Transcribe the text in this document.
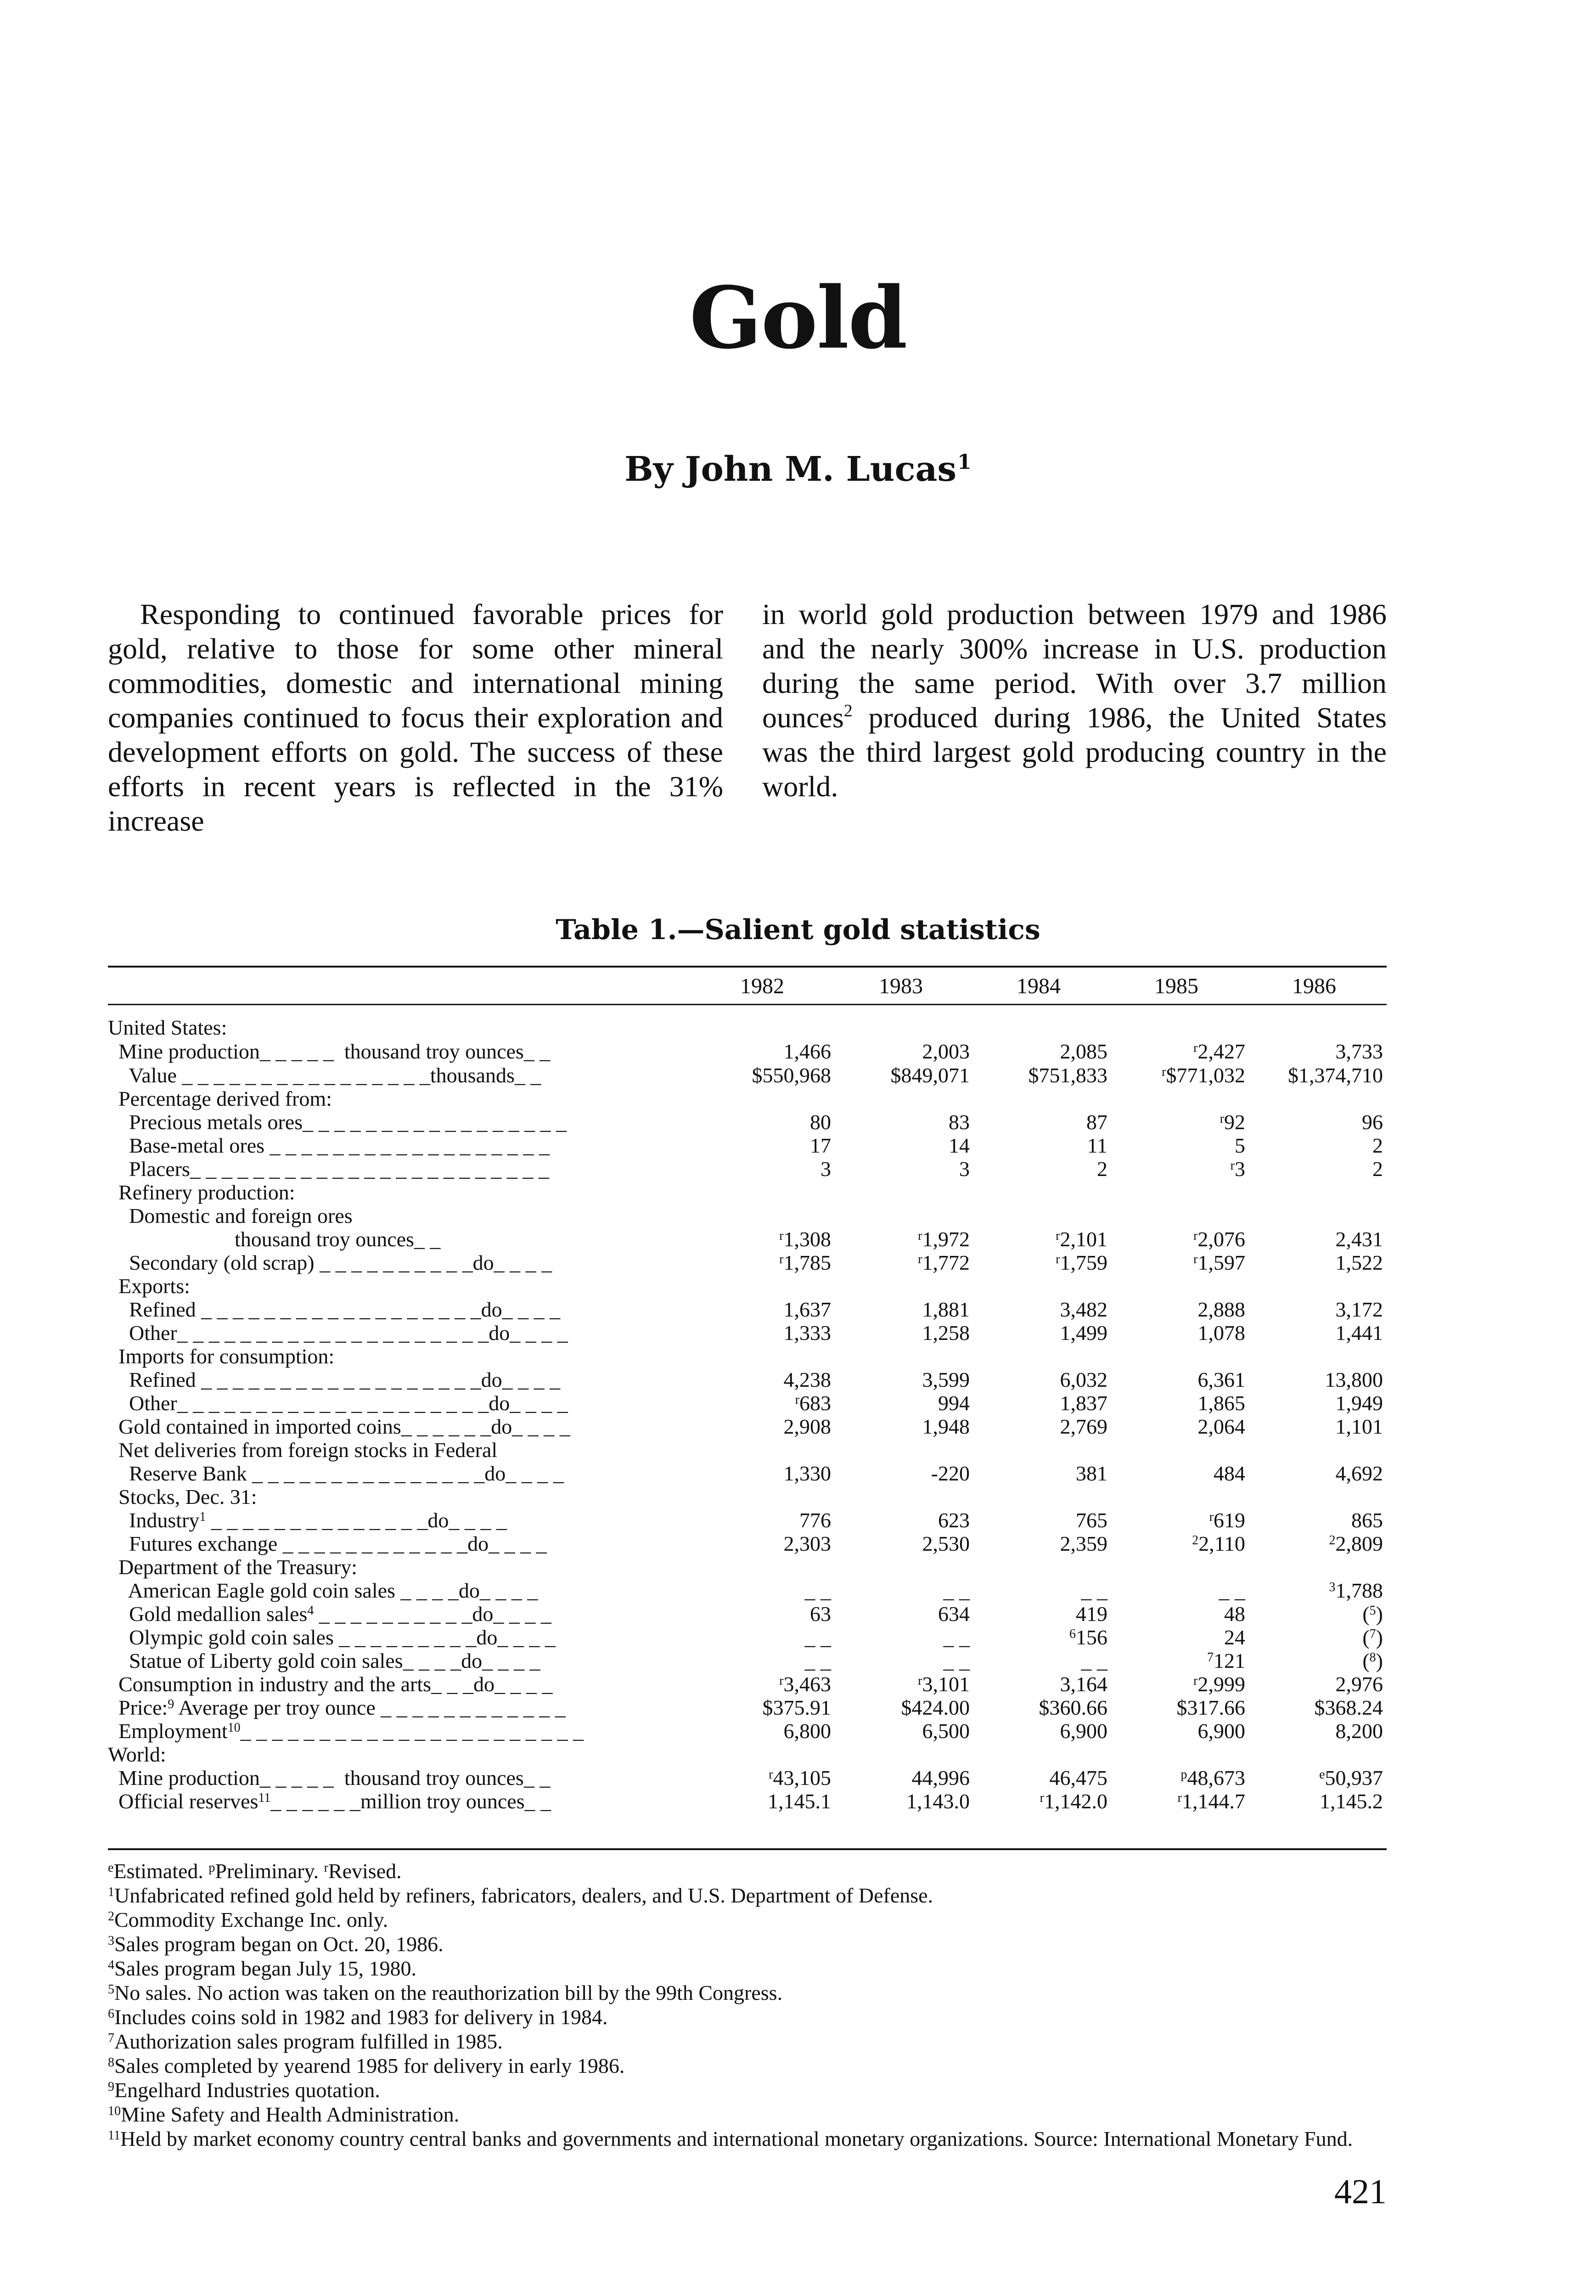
Gold
By John M. Lucas$^1$
Responding to continued favorable prices for gold, relative to those for some other mineral commodities, domestic and international mining companies continued to focus their exploration and development efforts on gold. The success of these efforts in recent years is reflected in the 31% increase
in world gold production between 1979 and 1986 and the nearly 300% increase in U.S. production during the same period. With over 3.7 million ounces$^2$ produced during 1986, the United States was the third largest gold producing country in the world.
Table 1.—Salient gold statistics
1982	1983	1984	1985	1986
United States:
Mine production_ _ _ _ _  thousand troy ounces_ _	1,466	2,003	2,085	$^r$2,427	3,733
Value _ _ _ _ _ _ _ _ _ _ _ _ _ _ _ _thousands_ _	$550,968	$849,071	$751,833	$^r$\$771,032	$1,374,710
Percentage derived from:
Precious metals ores_ _ _ _ _ _ _ _ _ _ _ _ _ _ _ _ _	80	83	87	$^r$92	96
Base-metal ores _ _ _ _ _ _ _ _ _ _ _ _ _ _ _ _ _ _	17	14	11	5	2
Placers_ _ _ _ _ _ _ _ _ _ _ _ _ _ _ _ _ _ _ _ _ _ _	3	3	2	$^r$3	2
Refinery production:
Domestic and foreign ores
thousand troy ounces_ _	$^r$1,308	$^r$1,972	$^r$2,101	$^r$2,076	2,431
Secondary (old scrap) _ _ _ _ _ _ _ _ _ _do_ _ _ _	$^r$1,785	$^r$1,772	$^r$1,759	$^r$1,597	1,522
Exports:
Refined _ _ _ _ _ _ _ _ _ _ _ _ _ _ _ _ _ _do_ _ _ _	1,637	1,881	3,482	2,888	3,172
Other_ _ _ _ _ _ _ _ _ _ _ _ _ _ _ _ _ _ _ _do_ _ _ _	1,333	1,258	1,499	1,078	1,441
Imports for consumption:
Refined _ _ _ _ _ _ _ _ _ _ _ _ _ _ _ _ _ _do_ _ _ _	4,238	3,599	6,032	6,361	13,800
Other_ _ _ _ _ _ _ _ _ _ _ _ _ _ _ _ _ _ _ _do_ _ _ _	$^r$683	994	1,837	1,865	1,949
Gold contained in imported coins_ _ _ _ _ _do_ _ _ _	2,908	1,948	2,769	2,064	1,101
Net deliveries from foreign stocks in Federal
Reserve Bank _ _ _ _ _ _ _ _ _ _ _ _ _ _ _do_ _ _ _	1,330	-220	381	484	4,692
Stocks, Dec. 31:
Industry$^1$ _ _ _ _ _ _ _ _ _ _ _ _ _ _do_ _ _ _	776	623	765	$^r$619	865
Futures exchange _ _ _ _ _ _ _ _ _ _ _ _do_ _ _ _	2,303	2,530	2,359	$^2$2,110	$^2$2,809
Department of the Treasury:
American Eagle gold coin sales _ _ _ _do_ _ _ _	_ _	_ _	_ _	_ _	$^3$1,788
Gold medallion sales$^4$ _ _ _ _ _ _ _ _ _ _do_ _ _ _	63	634	419	48	($^5$)
Olympic gold coin sales _ _ _ _ _ _ _ _ _do_ _ _ _	_ _	_ _	$^6$156	24	($^7$)
Statue of Liberty gold coin sales_ _ _ _do_ _ _ _	_ _	_ _	_ _	$^7$121	($^8$)
Consumption in industry and the arts_ _ _do_ _ _ _	$^r$3,463	$^r$3,101	3,164	$^r$2,999	2,976
Price:$^9$ Average per troy ounce _ _ _ _ _ _ _ _ _ _ _ _	$375.91	$424.00	$360.66	$317.66	$368.24
Employment$^{10}$_ _ _ _ _ _ _ _ _ _ _ _ _ _ _ _ _ _ _ _ _ _	6,800	6,500	6,900	6,900	8,200
World:
Mine production_ _ _ _ _  thousand troy ounces_ _	$^r$43,105	44,996	46,475	$^p$48,673	$^e$50,937
Official reserves$^{11}$_ _ _ _ _ _million troy ounces_ _	1,145.1	1,143.0	$^r$1,142.0	$^r$1,144.7	1,145.2
$^e$Estimated. $^p$Preliminary. $^r$Revised.
$^1$Unfabricated refined gold held by refiners, fabricators, dealers, and U.S. Department of Defense.
$^2$Commodity Exchange Inc. only.
$^3$Sales program began on Oct. 20, 1986.
$^4$Sales program began July 15, 1980.
$^5$No sales. No action was taken on the reauthorization bill by the 99th Congress.
$^6$Includes coins sold in 1982 and 1983 for delivery in 1984.
$^7$Authorization sales program fulfilled in 1985.
$^8$Sales completed by yearend 1985 for delivery in early 1986.
$^9$Engelhard Industries quotation.
$^{10}$Mine Safety and Health Administration.
$^{11}$Held by market economy country central banks and governments and international monetary organizations. Source: International Monetary Fund.
421
